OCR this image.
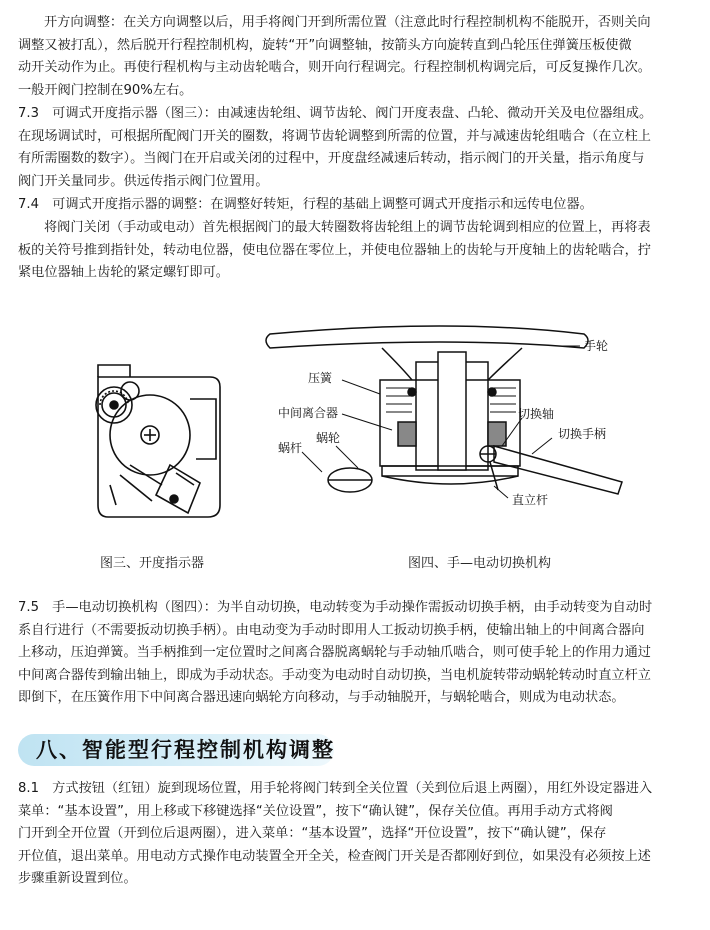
开方向调整：在关方向调整以后，用手将阀门开到所需位置（注意此时行程控制机构不能脱开，否则关向
调整又被打乱），然后脱开行程控制机构，旋转“开”向调整轴，按箭头方向旋转直到凸轮压住弹簧压板使微
动开关动作为止。再使行程机构与主动齿轮啮合，则开向行程调完。行程控制机构调完后，可反复操作几次。
一般开阀门控制在90%左右。
7.3　可调式开度指示器（图三）：由减速齿轮组、调节齿轮、阀门开度表盘、凸轮、微动开关及电位器组成。
在现场调试时，可根据所配阀门开关的圈数，将调节齿轮调整到所需的位置，并与减速齿轮组啮合（在立柱上
有所需圈数的数字）。当阀门在开启或关闭的过程中，开度盘经减速后转动，指示阀门的开关量，指示角度与
阀门开关量同步。供远传指示阀门位置用。
7.4　可调式开度指示器的调整：在调整好转矩，行程的基础上调整可调式开度指示和远传电位器。
将阀门关闭（手动或电动）首先根据阀门的最大转圈数将齿轮组上的调节齿轮调到相应的位置上，再将表
板的关符号推到指针处，转动电位器，使电位器在零位上，并使电位器轴上的齿轮与开度轴上的齿轮啮合，拧
紧电位器轴上齿轮的紧定螺钉即可。
手轮
压簧
中间离合器	切换轴
切换手柄
蜗轮
蜗杆
直立杆
图三、开度指示器	图四、手—电动切换机构
7.5　手—电动切换机构（图四）：为半自动切换，电动转变为手动操作需扳动切换手柄，由手动转变为自动时
系自行进行（不需要扳动切换手柄）。由电动变为手动时即用人工扳动切换手柄，使输出轴上的中间离合器向
上移动，压迫弹簧。当手柄推到一定位置时之间离合器脱离蜗轮与手动轴爪啮合，则可使手轮上的作用力通过
中间离合器传到输出轴上，即成为手动状态。手动变为电动时自动切换，当电机旋转带动蜗轮转动时直立杆立
即倒下，在压簧作用下中间离合器迅速向蜗轮方向移动，与手动轴脱开，与蜗轮啮合，则成为电动状态。
八、智能型行程控制机构调整
8.1　方式按钮（红钮）旋到现场位置，用手轮将阀门转到全关位置（关到位后退上两圈），用红外设定器进入
菜单：“基本设置”，用上移或下移键选择“关位设置”，按下“确认键”，保存关位值。再用手动方式将阀
门开到全开位置（开到位后退两圈），进入菜单：“基本设置”，选择“开位设置”，按下“确认键”，保存
开位值，退出菜单。用电动方式操作电动装置全开全关，检查阀门开关是否都刚好到位，如果没有必须按上述
步骤重新设置到位。
